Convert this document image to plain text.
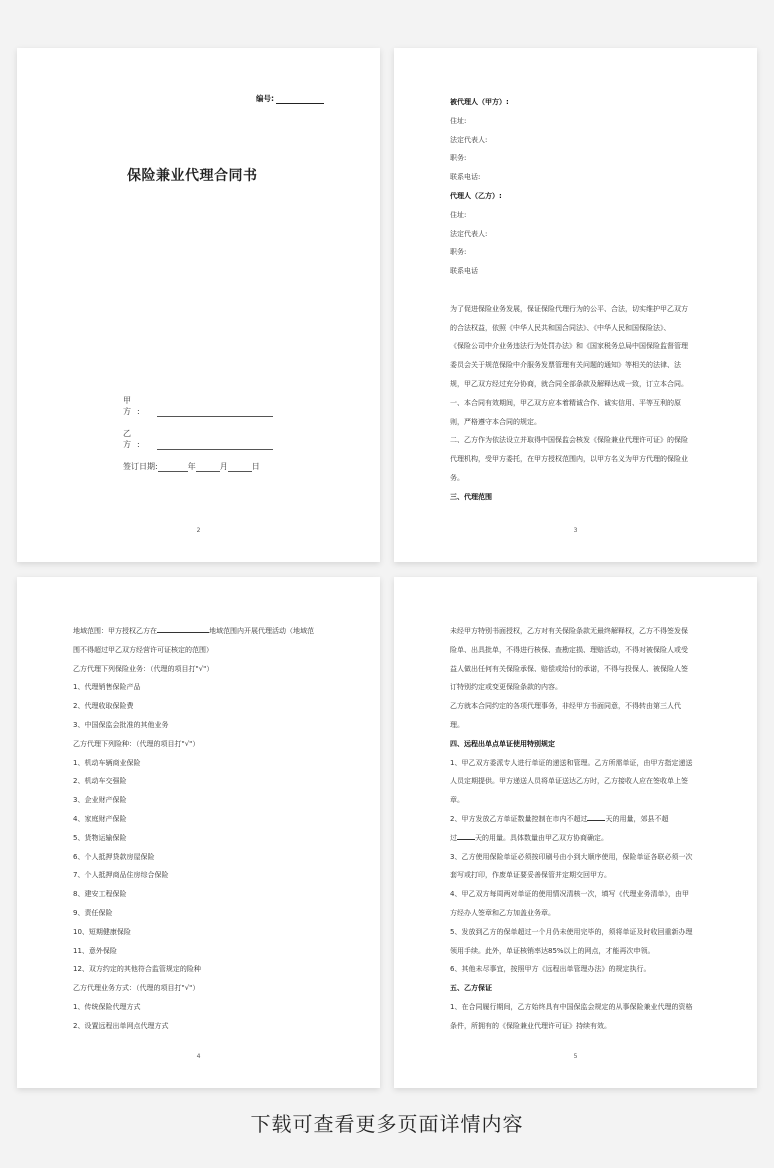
编号:
保险兼业代理合同书
甲　方:
乙　方:
签订日期:	年	月	日
2
被代理人（甲方）:
住址:
法定代表人:
职务:
联系电话:
代理人（乙方）:
住址:
法定代表人:
职务:
联系电话
为了促进保险业务发展，保证保险代理行为的公平、合法，切实维护甲乙双方
的合法权益，依照《中华人民共和国合同法》、《中华人民和国保险法》、
《保险公司中介业务违法行为处罚办法》和《国家税务总局中国保险监督管理
委员会关于规范保险中介服务发票管理有关问题的通知》等相关的法律、法
规，甲乙双方经过充分协商，就合同全部条款及解释达成一致，订立本合同。
一、本合同有效期间，甲乙双方应本着精诚合作、诚实信用、平等互利的原
则，严格遵守本合同的规定。
二、乙方作为依法设立并取得中国保监会核发《保险兼业代理许可证》的保险
代理机构，受甲方委托，在甲方授权范围内，以甲方名义为甲方代理的保险业
务。
三、代理范围
3
地域范围：甲方授权乙方在	地域范围内开展代理活动（地域范
围不得超过甲乙双方经营许可证核定的范围）
乙方代理下列保险业务：（代理的项目打"√"）
1、代理销售保险产品
2、代理收取保险费
3、中国保监会批准的其他业务
乙方代理下列险种：（代理的项目打"√"）
1、机动车辆商业保险
2、机动车交强险
3、企业财产保险
4、家庭财产保险
5、货物运输保险
6、个人抵押贷款房屋保险
7、个人抵押商品住房综合保险
8、建安工程保险
9、责任保险
10、短期健康保险
11、意外保险
12、双方约定的其他符合监管规定的险种
乙方代理业务方式：（代理的项目打"√"）
1、传统保险代理方式
2、设置远程出单网点代理方式
4
未经甲方特别书面授权，乙方对有关保险条款无最终解释权，乙方不得签发保
险单、出具批单，不得进行核保、查勘定损、理赔活动，不得对被保险人或受
益人做出任何有关保险承保、赔偿或给付的承诺，不得与投保人、被保险人签
订特别约定或变更保险条款的内容。
乙方就本合同约定的各项代理事务，非经甲方书面同意，不得转由第三人代
理。
四、远程出单点单证使用特别规定
1、甲乙双方委派专人进行单证的递送和管理。乙方所需单证，由甲方指定递送
人员定期提供。甲方递送人员将单证送达乙方时，乙方接收人应在签收单上签
章。
2、甲方发放乙方单证数量控制在市内不超过	天的用量，郊县不超
过	天的用量。具体数量由甲乙双方协商确定。
3、乙方使用保险单证必须按印刷号由小到大顺序使用，保险单证各联必须一次
套写或打印，作废单证要妥善保管并定期交回甲方。
4、甲乙双方每周两对单证的使用情况清核一次，填写《代理业务清单》，由甲
方经办人签章和乙方加盖业务章。
5、发放到乙方的保单超过一个月仍未使用完毕的，须将单证及时收回重新办理
领用手续。此外，单证核销率达85%以上的网点，才能再次申领。
6、其他未尽事宜，按照甲方《远程出单管理办法》的规定执行。
五、乙方保证
1、在合同履行期间，乙方始终具有中国保监会规定的从事保险兼业代理的资格
条件，所拥有的《保险兼业代理许可证》持续有效。
5
下载可查看更多页面详情内容
